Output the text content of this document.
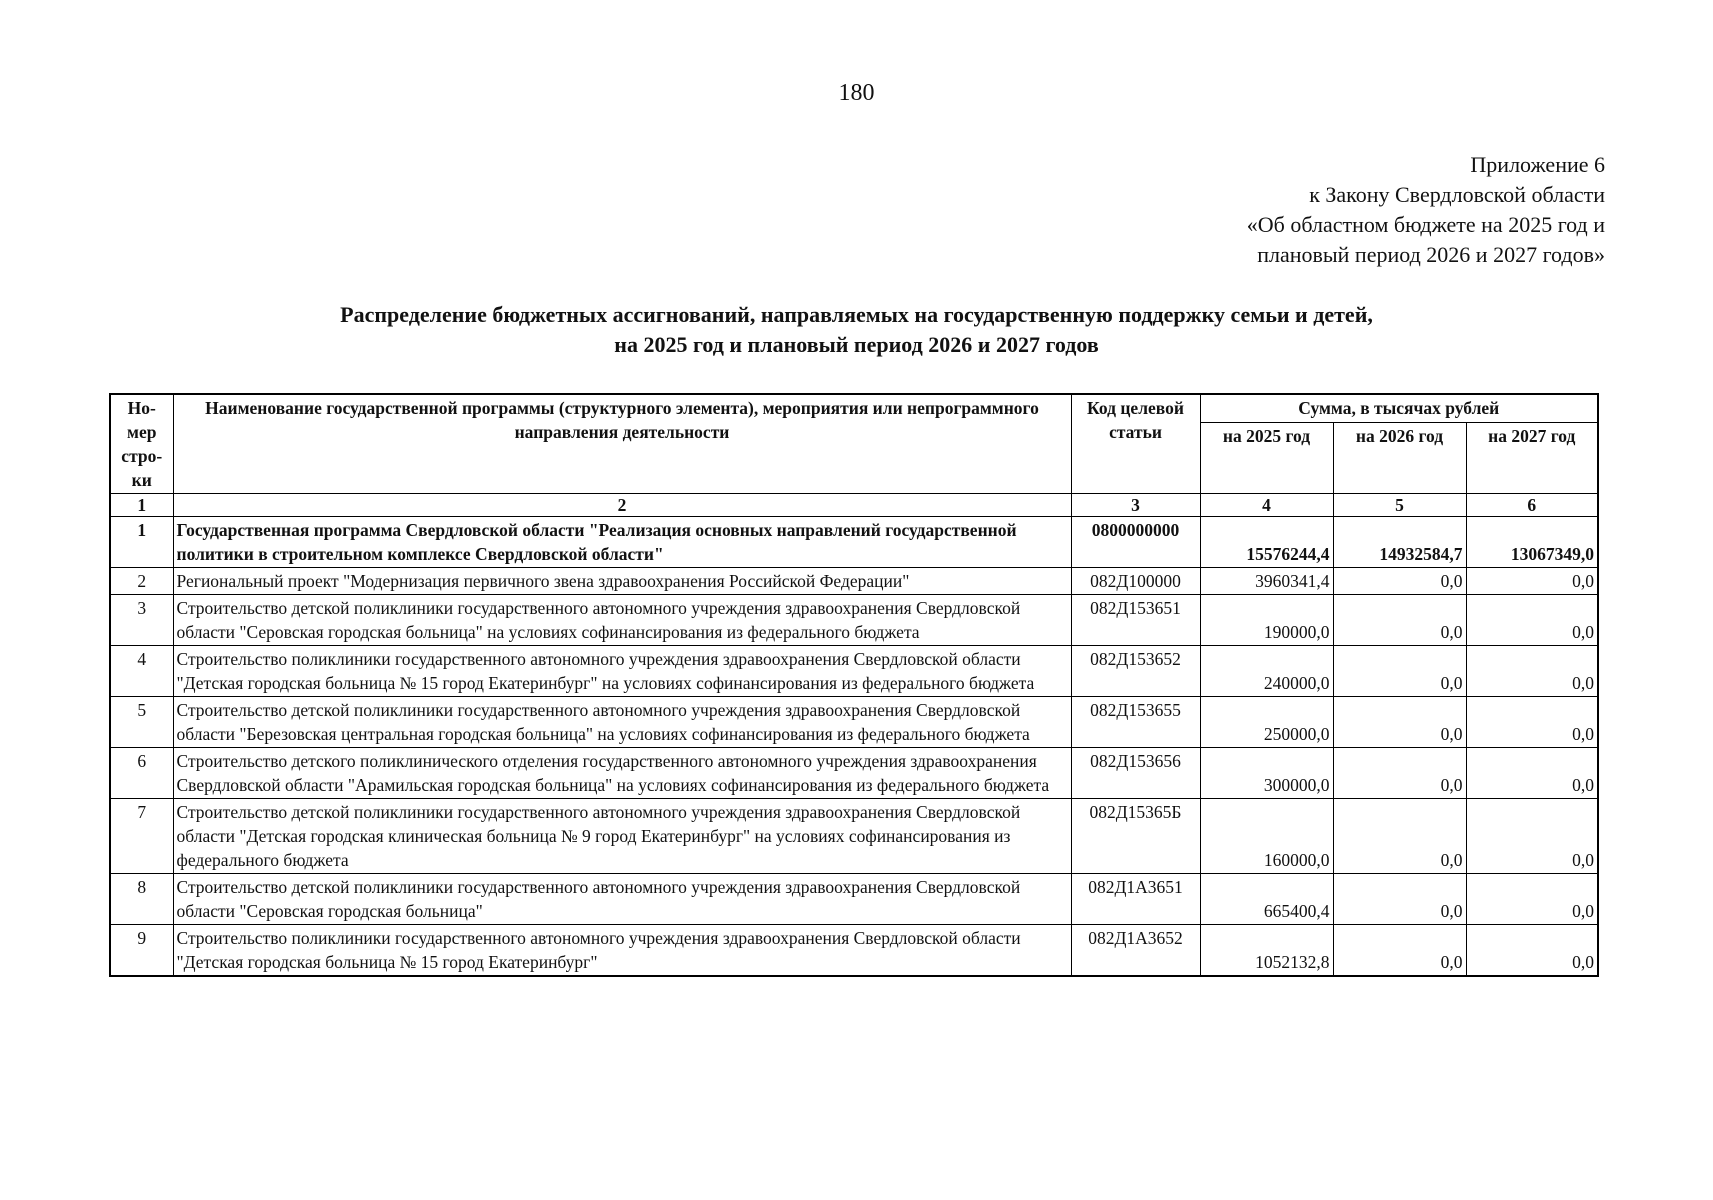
180
Приложение 6
к Закону Свердловской области
«Об областном бюджете на 2025 год и
плановый период 2026 и 2027 годов»
Распределение бюджетных ассигнований, направляемых на государственную поддержку семьи и детей,
на 2025 год и плановый период 2026 и 2027 годов
Но-
мер
стро-
ки	Наименование государственной программы (структурного элемента), мероприятия или непрограммного направления деятельности	Код целевой статьи	Сумма, в тысячах рублей		
			на 2025 год	на 2026 год	на 2027 год
1	2	3	4	5	6
1	Государственная программа Свердловской области "Реализация основных направлений государственной политики в строительном комплексе Свердловской области"	0800000000	15576244,4	14932584,7	13067349,0
2	Региональный проект "Модернизация первичного звена здравоохранения Российской Федерации"	082Д100000	3960341,4	0,0	0,0
3	Строительство детской поликлиники государственного автономного учреждения здравоохранения Свердловской области "Серовская городская больница" на условиях софинансирования из федерального бюджета	082Д153651	190000,0	0,0	0,0
4	Строительство поликлиники государственного автономного учреждения здравоохранения Свердловской области "Детская городская больница № 15 город Екатеринбург" на условиях софинансирования из федерального бюджета	082Д153652	240000,0	0,0	0,0
5	Строительство детской поликлиники государственного автономного учреждения здравоохранения Свердловской области "Березовская центральная городская больница" на условиях софинансирования из федерального бюджета	082Д153655	250000,0	0,0	0,0
6	Строительство детского поликлинического отделения государственного автономного учреждения здравоохранения Свердловской области "Арамильская городская больница" на условиях софинансирования из федерального бюджета	082Д153656	300000,0	0,0	0,0
7	Строительство детской поликлиники государственного автономного учреждения здравоохранения Свердловской области "Детская городская клиническая больница № 9 город Екатеринбург" на условиях софинансирования из федерального бюджета	082Д15365Б	160000,0	0,0	0,0
8	Строительство детской поликлиники государственного автономного учреждения здравоохранения Свердловской области "Серовская городская больница"	082Д1А3651	665400,4	0,0	0,0
9	Строительство поликлиники государственного автономного учреждения здравоохранения Свердловской области "Детская городская больница № 15 город Екатеринбург"	082Д1А3652	1052132,8	0,0	0,0
